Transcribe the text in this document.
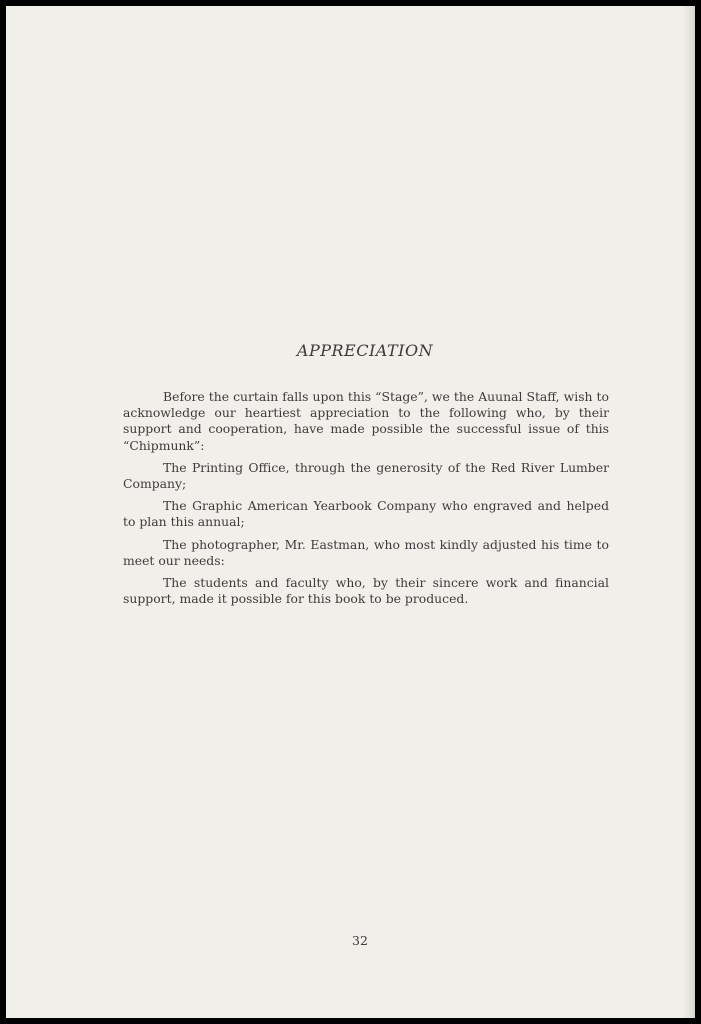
APPRECIATION

Before the curtain falls upon this “Stage”, we the Auunal Staff, wish to acknowledge our heartiest appreciation to the following who, by their support and cooperation, have made possible the successful issue of this “Chipmunk”:

The Printing Office, through the generosity of the Red River Lumber Company;

The Graphic American Yearbook Company who engraved and helped to plan this annual;

The photographer, Mr. Eastman, who most kindly adjusted his time to meet our needs:

The students and faculty who, by their sincere work and financial support, made it possible for this book to be produced.

32
